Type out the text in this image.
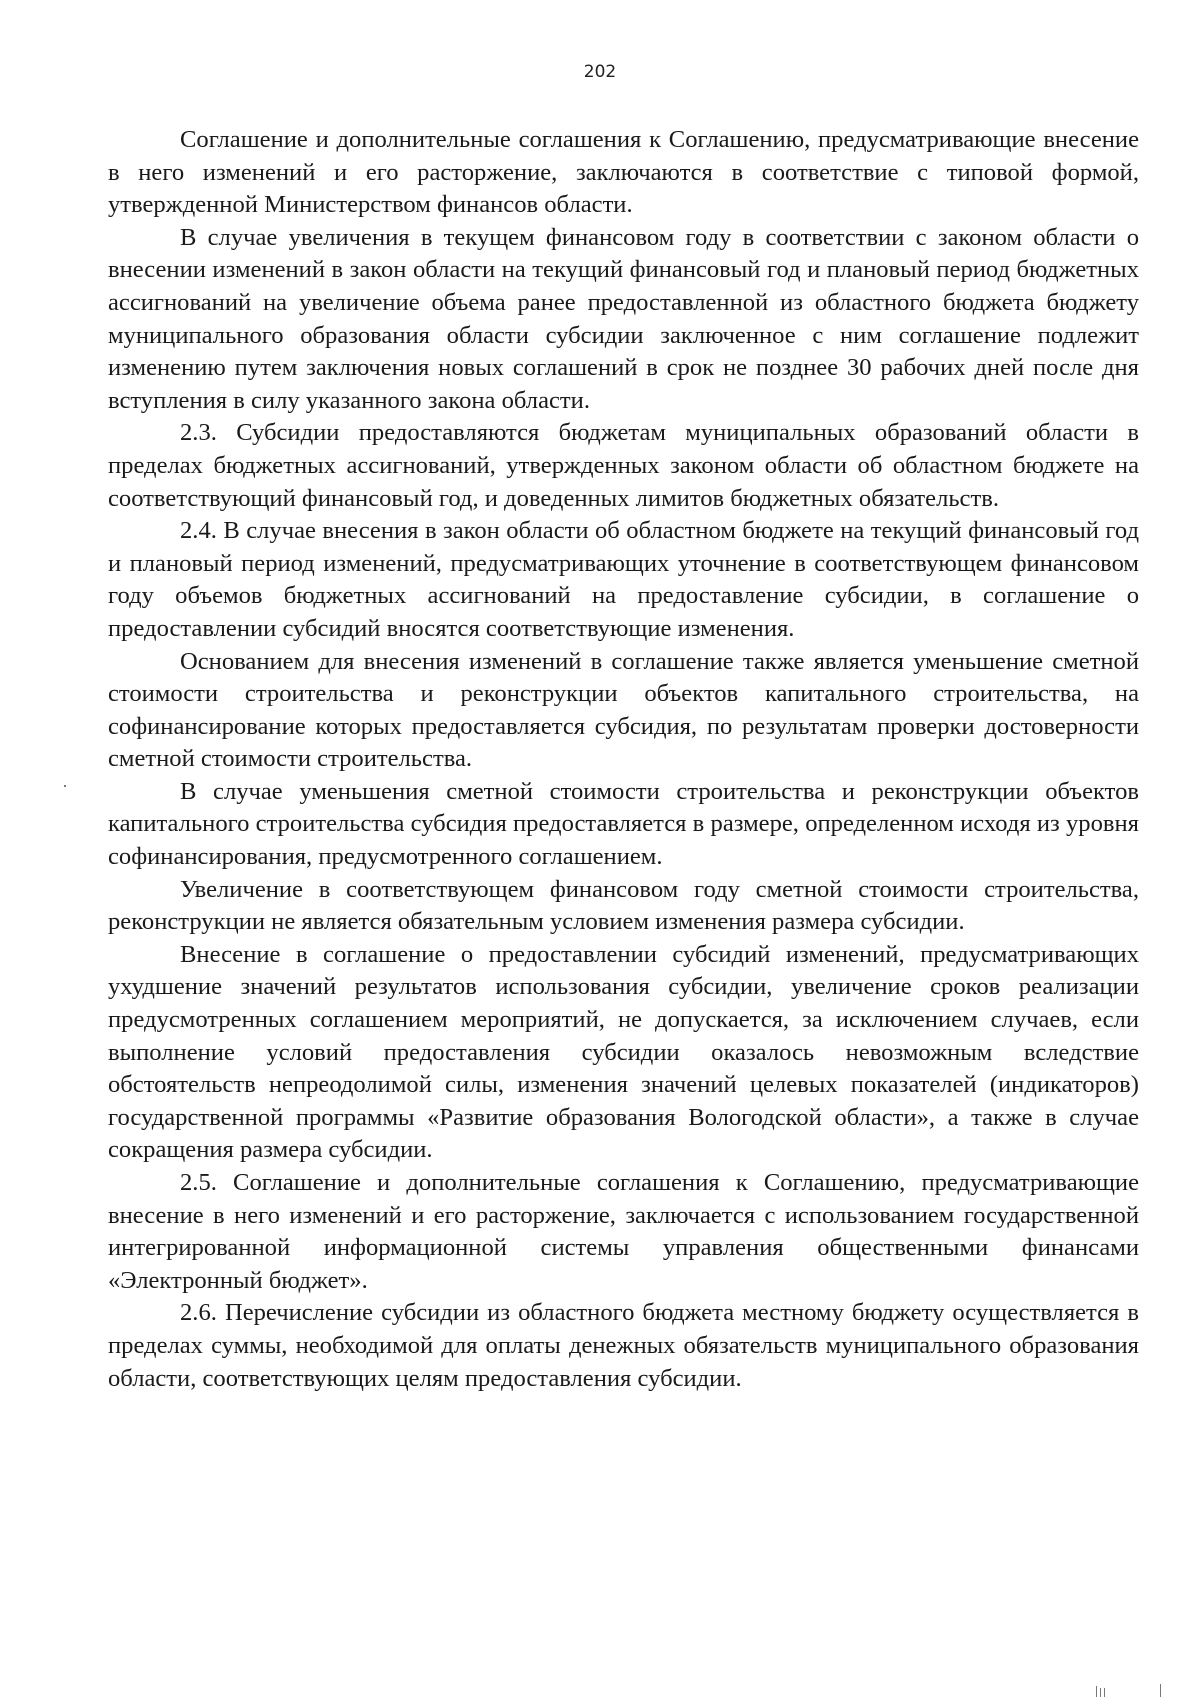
202

Соглашение и дополнительные соглашения к Соглашению, предусматривающие внесение в него изменений и его расторжение, заключаются в соответствие с типовой формой, утвержденной Министерством финансов области.

В случае увеличения в текущем финансовом году в соответствии с законом области о внесении изменений в закон области на текущий финансовый год и плановый период бюджетных ассигнований на увеличение объема ранее предоставленной из областного бюджета бюджету муниципального образования области субсидии заключенное с ним соглашение подлежит изменению путем заключения новых соглашений в срок не позднее 30 рабочих дней после дня вступления в силу указанного закона области.

2.3. Субсидии предоставляются бюджетам муниципальных образований области в пределах бюджетных ассигнований, утвержденных законом области об областном бюджете на соответствующий финансовый год, и доведенных лимитов бюджетных обязательств.

2.4. В случае внесения в закон области об областном бюджете на текущий финансовый год и плановый период изменений, предусматривающих уточнение в соответствующем финансовом году объемов бюджетных ассигнований на предоставление субсидии, в соглашение о предоставлении субсидий вносятся соответствующие изменения.

Основанием для внесения изменений в соглашение также является уменьшение сметной стоимости строительства и реконструкции объектов капитального строительства, на софинансирование которых предоставляется субсидия, по результатам проверки достоверности сметной стоимости строительства.

В случае уменьшения сметной стоимости строительства и реконструкции объектов капитального строительства субсидия предоставляется в размере, определенном исходя из уровня софинансирования, предусмотренного соглашением.

Увеличение в соответствующем финансовом году сметной стоимости строительства, реконструкции не является обязательным условием изменения размера субсидии.

Внесение в соглашение о предоставлении субсидий изменений, предусматривающих ухудшение значений результатов использования субсидии, увеличение сроков реализации предусмотренных соглашением мероприятий, не допускается, за исключением случаев, если выполнение условий предоставления субсидии оказалось невозможным вследствие обстоятельств непреодолимой силы, изменения значений целевых показателей (индикаторов) государственной программы «Развитие образования Вологодской области», а также в случае сокращения размера субсидии.

2.5. Соглашение и дополнительные соглашения к Соглашению, предусматривающие внесение в него изменений и его расторжение, заключается с использованием государственной интегрированной информационной системы управления общественными финансами «Электронный бюджет».

2.6. Перечисление субсидии из областного бюджета местному бюджету осуществляется в пределах суммы, необходимой для оплаты денежных обязательств муниципального образования области, соответствующих целям предоставления субсидии.
